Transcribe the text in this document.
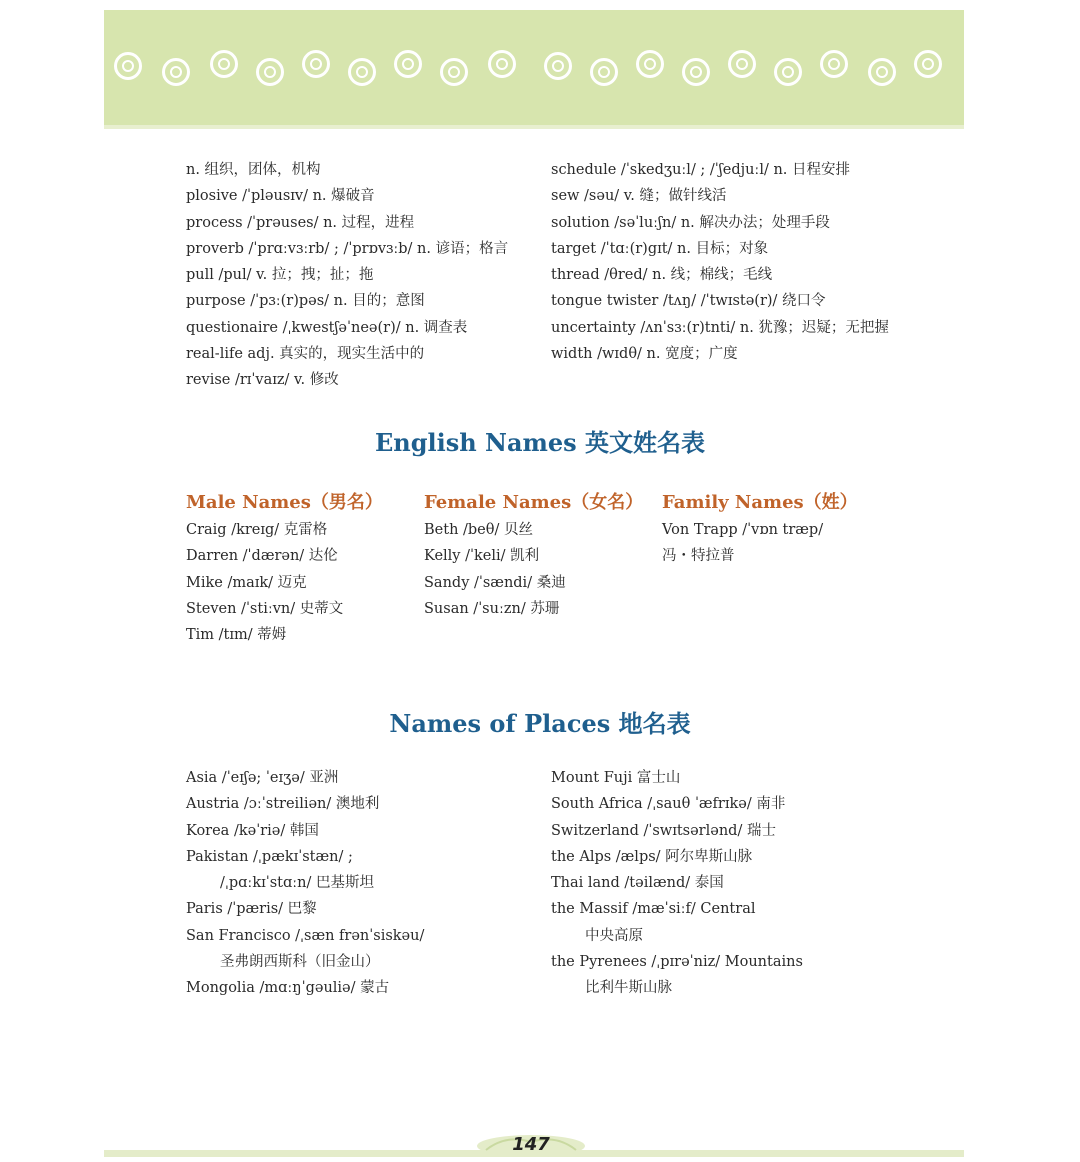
n. 组织，团体，机构
plosive /ˈpləusɪv/ n. 爆破音
process /ˈprəuses/ n. 过程，进程
proverb /ˈprɑːvɜːrb/ ; /ˈprɒvɜːb/ n. 谚语；格言
pull /pul/ v. 拉；拽；扯；拖
purpose /ˈpɜː(r)pəs/ n. 目的；意图
questionaire /ˌkwestʃəˈneə(r)/ n. 调查表
real-life adj. 真实的，现实生活中的
revise /rɪˈvaɪz/ v. 修改
schedule /ˈskedʒuːl/ ; /ˈʃedjuːl/ n. 日程安排
sew /səu/ v. 缝；做针线活
solution /səˈluːʃn/ n. 解决办法；处理手段
target /ˈtɑː(r)gɪt/ n. 目标；对象
thread /θred/ n. 线；棉线；毛线
tongue twister /tʌŋ/ /ˈtwɪstə(r)/ 绕口令
uncertainty /ʌnˈsɜː(r)tnti/ n. 犹豫；迟疑；无把握
width /wɪdθ/ n. 宽度；广度
English Names 英文姓名表
Male Names（男名） Female Names（女名） Family Names（姓）
Craig /kreɪg/ 克雷格
Darren /ˈdærən/ 达伦
Mike /maɪk/ 迈克
Steven /ˈstiːvn/ 史蒂文
Tim /tɪm/ 蒂姆
Beth /beθ/ 贝丝
Kelly /ˈkeli/ 凯利
Sandy /ˈsændi/ 桑迪
Susan /ˈsuːzn/ 苏珊
Von Trapp /ˈvɒn træp/
冯・特拉普
Names of Places 地名表
Asia /ˈeɪʃə; ˈeɪʒə/ 亚洲
Austria /ɔːˈstreiliən/ 澳地利
Korea /kəˈriə/ 韩国
Pakistan /ˌpækɪˈstæn/ ;
/ˌpɑːkɪˈstɑːn/ 巴基斯坦
Paris /ˈpæris/ 巴黎
San Francisco /ˌsæn frənˈsiskəu/
圣弗朗西斯科（旧金山）
Mongolia /mɑːŋˈgəuliə/ 蒙古
Mount Fuji 富士山
South Africa /ˌsauθ ˈæfrɪkə/ 南非
Switzerland /ˈswɪtsərlənd/ 瑞士
the Alps /ælps/ 阿尔卑斯山脉
Thai land /təilænd/ 泰国
the Massif /mæˈsiːf/ Central
中央高原
the Pyrenees /ˌpɪrəˈniz/ Mountains
比利牛斯山脉
147
